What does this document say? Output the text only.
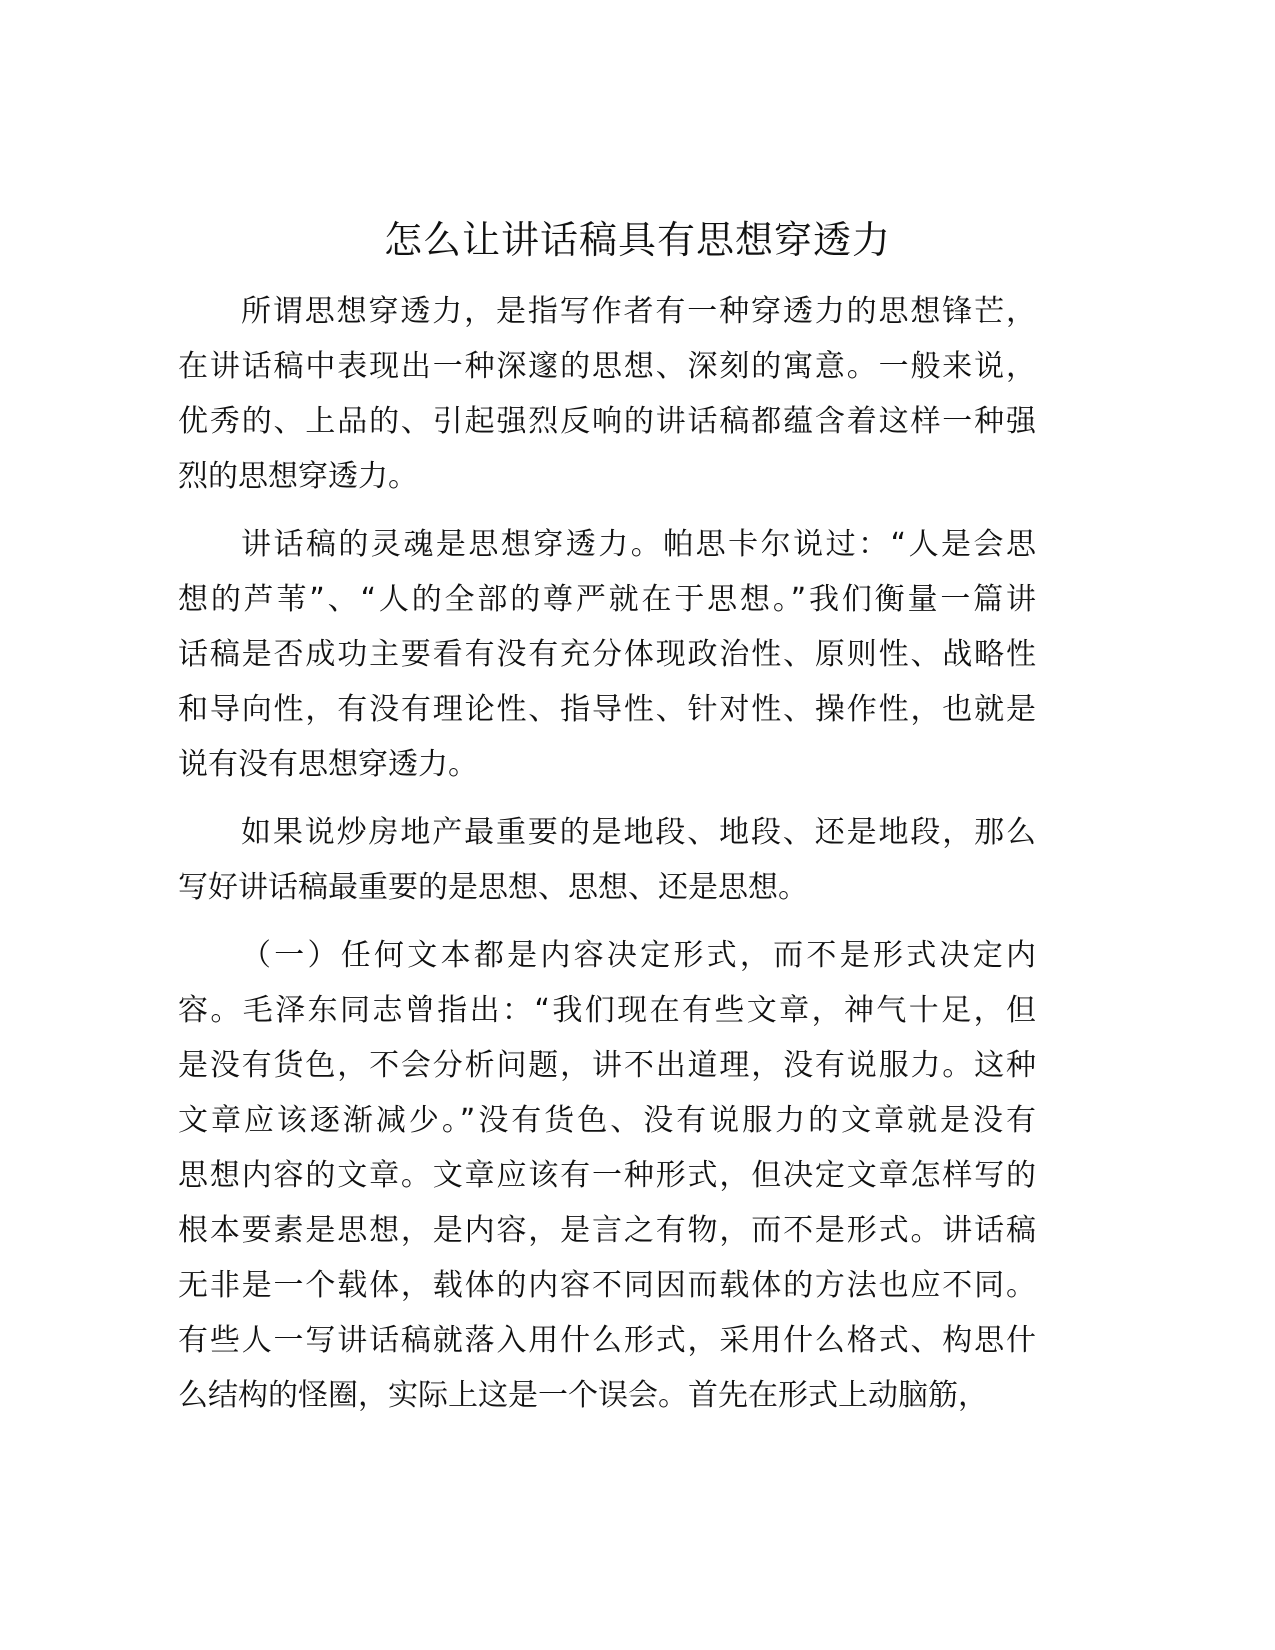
怎么让讲话稿具有思想穿透力
所谓思想穿透力，是指写作者有一种穿透力的思想锋芒，
在讲话稿中表现出一种深邃的思想、深刻的寓意。一般来说，
优秀的、上品的、引起强烈反响的讲话稿都蕴含着这样一种强
烈的思想穿透力。
讲话稿的灵魂是思想穿透力。帕思卡尔说过：“人是会思
想的芦苇”、“人的全部的尊严就在于思想。”我们衡量一篇讲
话稿是否成功主要看有没有充分体现政治性、原则性、战略性
和导向性，有没有理论性、指导性、针对性、操作性，也就是
说有没有思想穿透力。
如果说炒房地产最重要的是地段、地段、还是地段，那么
写好讲话稿最重要的是思想、思想、还是思想。
（一）任何文本都是内容决定形式，而不是形式决定内
容。毛泽东同志曾指出：“我们现在有些文章，神气十足，但
是没有货色，不会分析问题，讲不出道理，没有说服力。这种
文章应该逐渐减少。”没有货色、没有说服力的文章就是没有
思想内容的文章。文章应该有一种形式，但决定文章怎样写的
根本要素是思想，是内容，是言之有物，而不是形式。讲话稿
无非是一个载体，载体的内容不同因而载体的方法也应不同。
有些人一写讲话稿就落入用什么形式，采用什么格式、构思什
么结构的怪圈，实际上这是一个误会。首先在形式上动脑筋，
